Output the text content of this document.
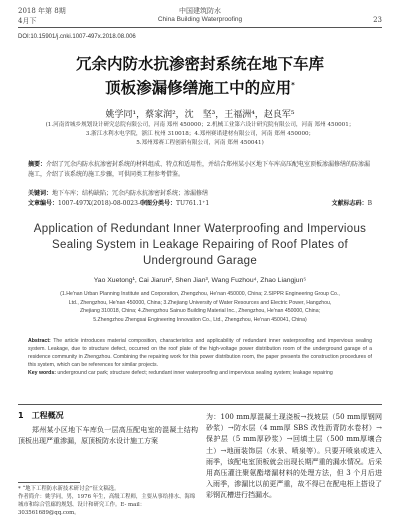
2018 年第 8期
4月下
中国建筑防水
China Building Waterproofing	23
DOI:10.15901/j.cnki.1007-497x.2018.08.006
冗余内防水抗渗密封系统在地下车库
顶板渗漏修缮施工中的应用*
姚学同¹，蔡家润²，沈　坚³，王福洲⁴，赵良军⁵
(1.河南省城乡规划设计研究总院有限公司，河南 郑州 450000；2.机械工业第六设计研究院有限公司，河南 郑州 450001；
3.浙江水利水电学院，浙江 杭州 310018；4.郑州赛诺建材有限公司，河南 郑州 450000；
5.郑州郑赛工程创新有限公司，河南 郑州 450041)
摘要：介绍了冗余内防水抗渗密封系统的材料组成、特点和适用性，并结合郑州某小区地下车库高压配电室顶板渗漏修缮的防渗漏施工，介绍了该系统的施工步骤，可供同类工程参考借鉴。
关键词：地下车库；结构缺陷；冗余内防水抗渗密封系统；渗漏修缮
文章编号：1007-497X(2018)-08-0023-06
中图分类号：TU761.1⁺1	文献标志码：B
Application of Redundant Inner Waterproofing and Impervious
Sealing System in Leakage Repairing of Roof Plates of
Underground Garage
Yao Xuetong¹, Cai Jiarun², Shen Jian³, Wang Fuzhou⁴, Zhao Liangjun⁵
(1.He'nan Urban Planning Institute and Corporation, Zhengzhou, He'nan 450000, China; 2.SIPPR Engineering Group Co.,
Ltd., Zhengzhou, He'nan 450000, China; 3.Zhejiang University of Water Resources and Electric Power, Hangzhou,
Zhejiang 310018, China; 4.Zhengzhou Sainuo Building Material Inc., Zhengzhou, He'nan 450000, China;
5.Zhengzhou Zhengsai Engineering Innovation Co., Ltd., Zhengzhou, He'nan 450041, China)
Abstract: The article introduces material composition, characteristics and applicability of redundant inner waterproofing and impervious sealing system. Leakage, due to structure defect, occurred on the roof plate of the high-voltage power distribution room of the underground garage of a residence community in Zhengzhou. Combining the repairing work for this power distribution room, the paper presents the construction procedures of this system, which can be references for similar projects.
Key words: underground car park; structure defect; redundant inner waterproofing and impervious sealing system; leakage repairing
1　工程概况

郑州某小区地下车库负一层高压配电室的混凝土结构顶板出现严重渗漏，原顶板防水设计施工方案

为：100 mm厚混凝土现浇板→找坡层（50 mm厚钢网砂浆）→防水层（4 mm厚 SBS 改性沥青防水卷材）→保护层（5 mm厚砂浆）→回填土层（500 mm厚壤合土）→地面装饰层（水景、喷泉等）。只要开喷泉或进入雨季，该配电室顶板就会出现长期严重的漏水情况。后采用高压灌注聚氨酯堵漏材料的处理方法，但 3 个月后进入雨季，渗漏比以前更严重，故不得已在配电柜上搭设了彩钢瓦槽进行挡漏水。

* “地下工程防水新技术研讨会”征文稿选。
作者简介：姚学同，男，1976 年生，高级工程师，主要从事给排水、海绵城市和综合管廊的规划、设计和研究工作。E- mail：303561689@qq.com。
